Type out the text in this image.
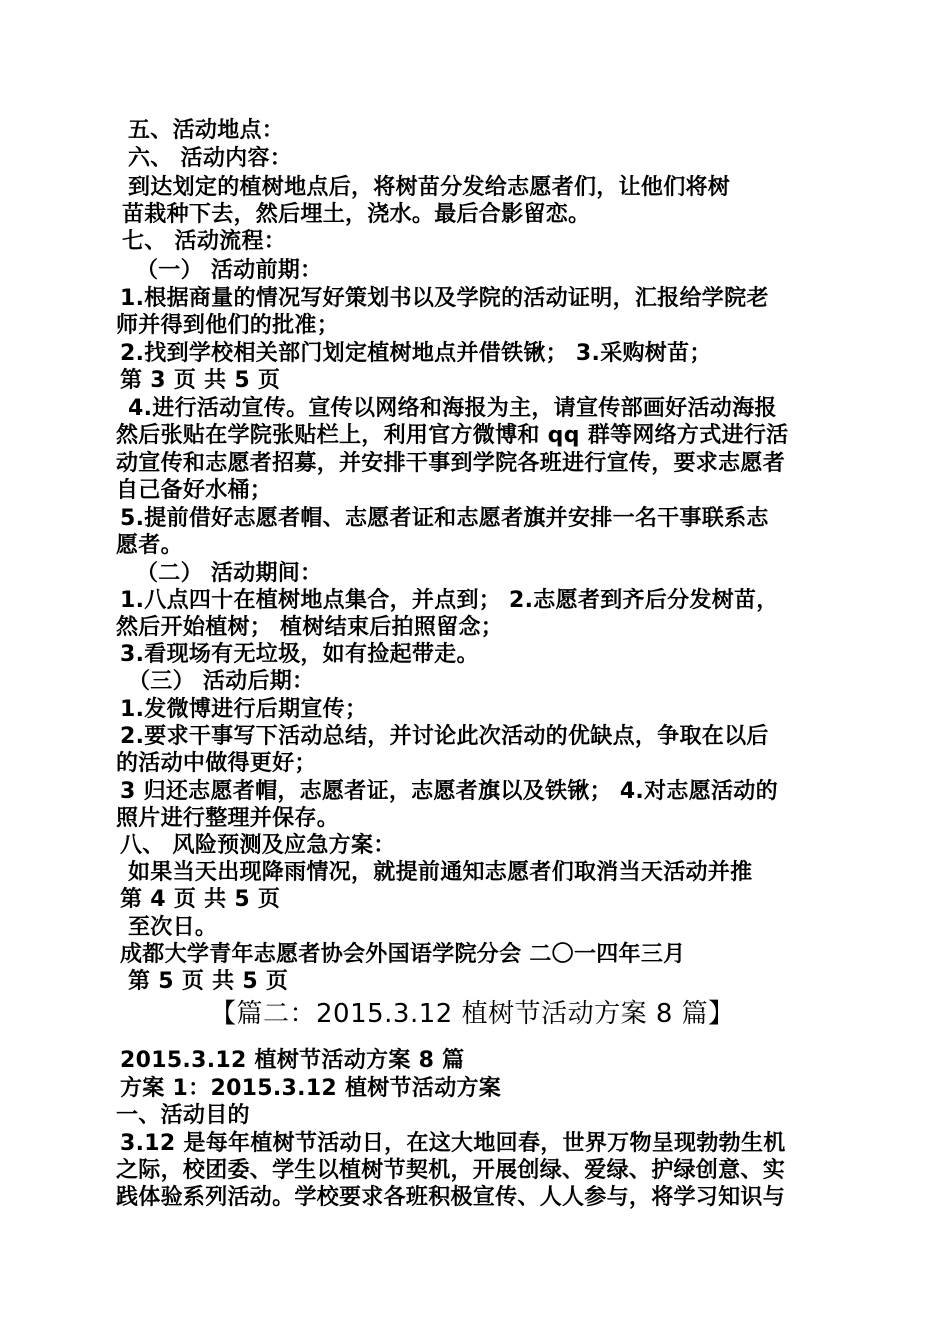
五、活动地点：
六、 活动内容：
到达划定的植树地点后，将树苗分发给志愿者们，让他们将树
苗栽种下去，然后埋土，浇水。最后合影留恋。
七、 活动流程：
（一） 活动前期：
1.根据商量的情况写好策划书以及学院的活动证明，汇报给学院老
师并得到他们的批准；
2.找到学校相关部门划定植树地点并借铁锹； 3.采购树苗；
第 3 页 共 5 页
4.进行活动宣传。宣传以网络和海报为主，请宣传部画好活动海报
然后张贴在学院张贴栏上，利用官方微博和 qq 群等网络方式进行活
动宣传和志愿者招募，并安排干事到学院各班进行宣传，要求志愿者
自己备好水桶；
5.提前借好志愿者帽、志愿者证和志愿者旗并安排一名干事联系志
愿者。
（二） 活动期间：
1.八点四十在植树地点集合，并点到； 2.志愿者到齐后分发树苗，
然后开始植树； 植树结束后拍照留念；
3.看现场有无垃圾，如有捡起带走。
（三） 活动后期：
1.发微博进行后期宣传；
2.要求干事写下活动总结，并讨论此次活动的优缺点，争取在以后
的活动中做得更好；
3 归还志愿者帽，志愿者证，志愿者旗以及铁锹； 4.对志愿活动的
照片进行整理并保存。
八、 风险预测及应急方案：
如果当天出现降雨情况，就提前通知志愿者们取消当天活动并推
第 4 页 共 5 页
至次日。
成都大学青年志愿者协会外国语学院分会 二〇一四年三月
第 5 页 共 5 页
【篇二：2015.3.12 植树节活动方案 8 篇】
2015.3.12 植树节活动方案 8 篇
方案 1：2015.3.12 植树节活动方案
一、活动目的
3.12 是每年植树节活动日，在这大地回春，世界万物呈现勃勃生机
之际，校团委、学生以植树节契机，开展创绿、爱绿、护绿创意、实
践体验系列活动。学校要求各班积极宣传、人人参与，将学习知识与
